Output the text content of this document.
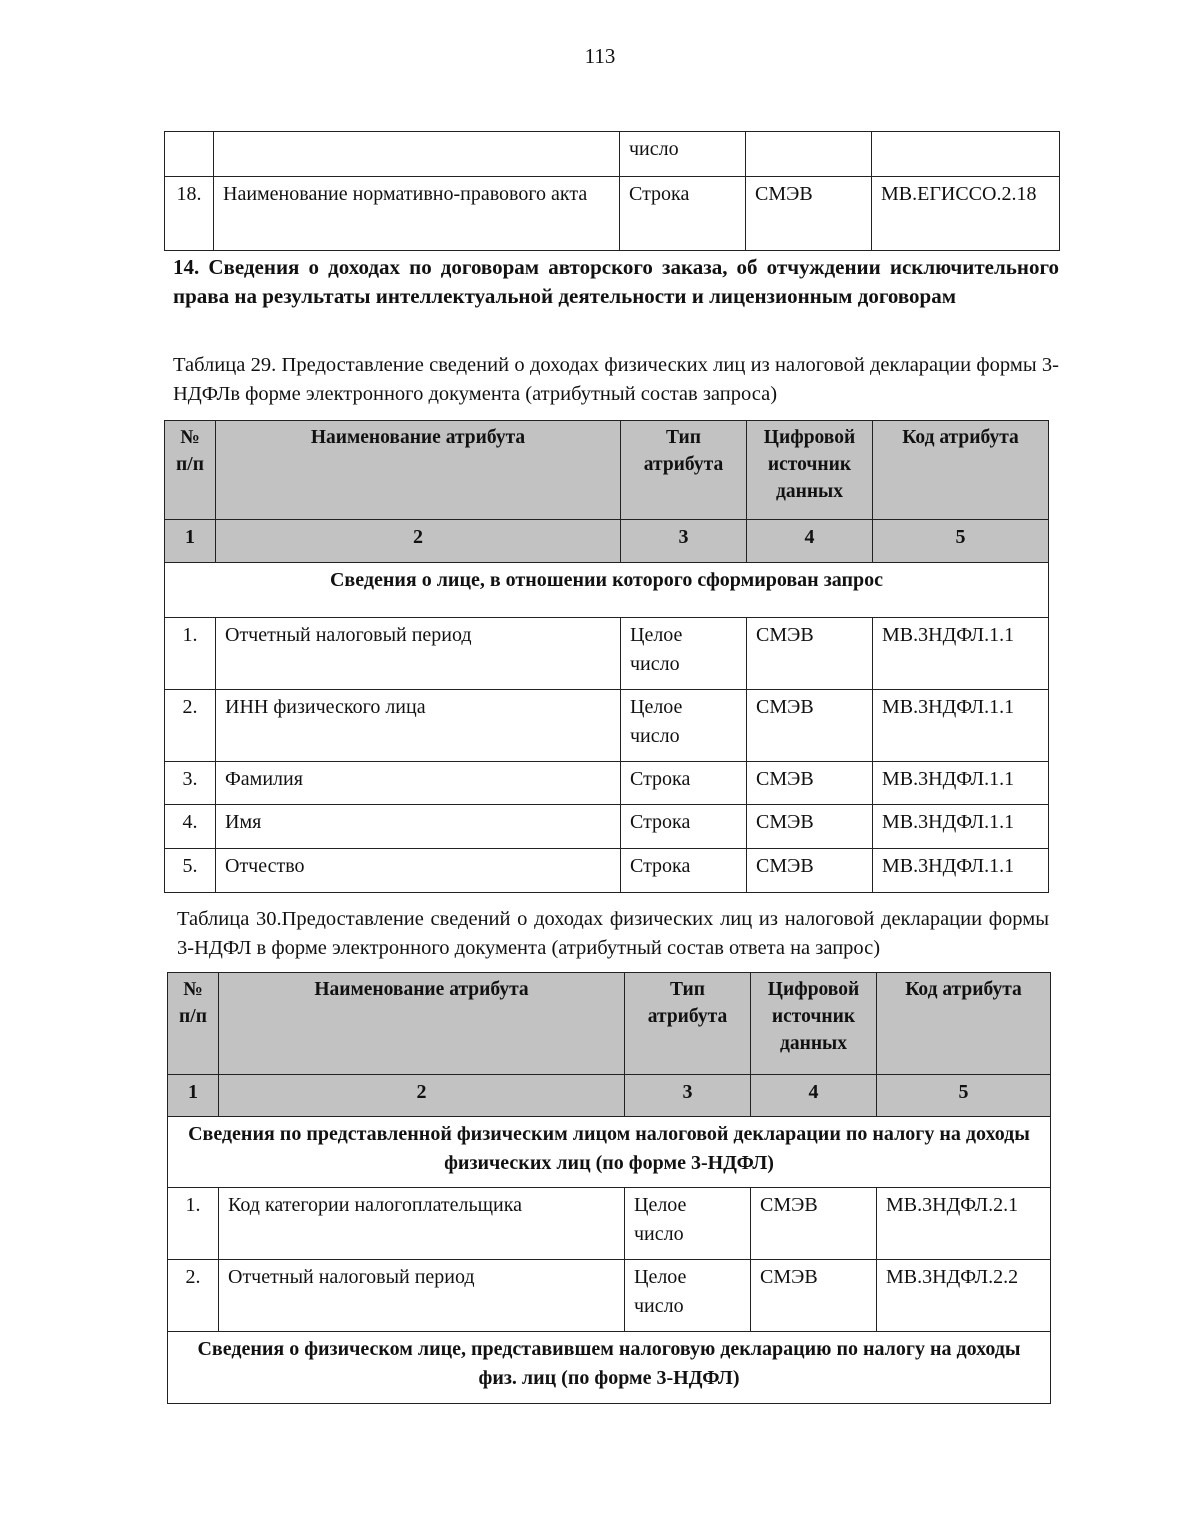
113
		число		
18.	Наименование нормативно-правового акта	Строка	СМЭВ	МВ.ЕГИССО.2.18
14. Сведения о доходах по договорам авторского заказа, об отчуждении исключительного права на результаты интеллектуальной деятельности и лицензионным договорам
Таблица 29. Предоставление сведений о доходах физических лиц из налоговой декларации формы 3-НДФЛв форме электронного документа (атрибутный состав запроса)
№ п/п	Наименование атрибута	Тип атрибута	Цифровой источник данных	Код атрибута
1	2	3	4	5
Сведения о лице, в отношении которого сформирован запрос				
1.	Отчетный налоговый период	Целое число	СМЭВ	МВ.3НДФЛ.1.1
2.	ИНН физического лица	Целое число	СМЭВ	МВ.3НДФЛ.1.1
3.	Фамилия	Строка	СМЭВ	МВ.3НДФЛ.1.1
4.	Имя	Строка	СМЭВ	МВ.3НДФЛ.1.1
5.	Отчество	Строка	СМЭВ	МВ.3НДФЛ.1.1
Таблица 30.Предоставление сведений о доходах физических лиц из налоговой декларации формы 3-НДФЛ в форме электронного документа (атрибутный состав ответа на запрос)
№ п/п	Наименование атрибута	Тип атрибута	Цифровой источник данных	Код атрибута
1	2	3	4	5
Сведения по представленной физическим лицом налоговой декларации по налогу на доходы физических лиц (по форме 3-НДФЛ)				
1.	Код категории налогоплательщика	Целое число	СМЭВ	МВ.3НДФЛ.2.1
2.	Отчетный налоговый период	Целое число	СМЭВ	МВ.3НДФЛ.2.2
Сведения о физическом лице, представившем налоговую декларацию по налогу на доходы физ. лиц (по форме 3-НДФЛ)				
